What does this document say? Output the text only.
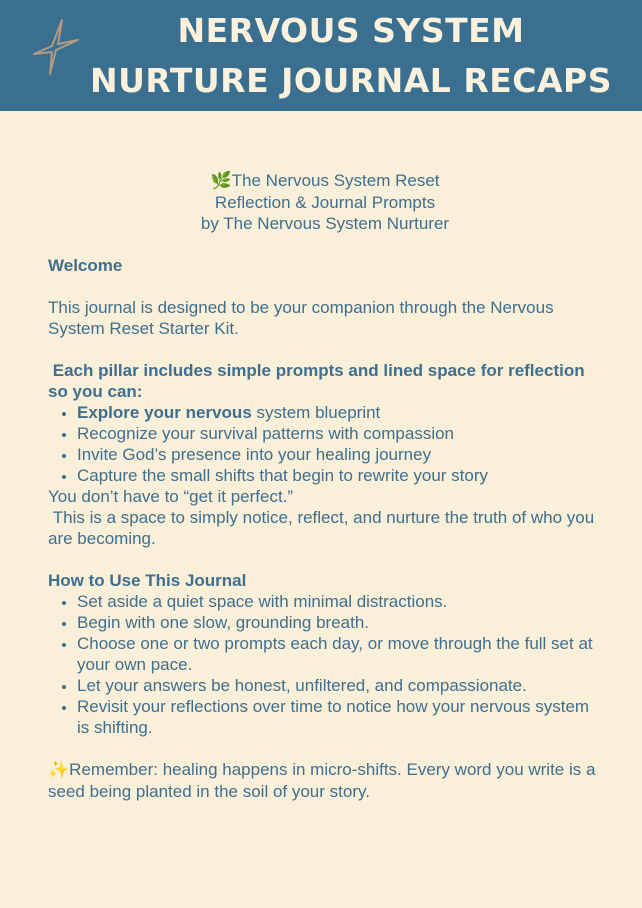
NERVOUS SYSTEM
NURTURE JOURNAL RECAPS
🌿The Nervous System Reset
Reflection & Journal Prompts
by The Nervous System Nurturer

Welcome

This journal is designed to be your companion through the Nervous System Reset Starter Kit.

Each pillar includes simple prompts and lined space for reflection so you can:

• Explore your nervous system blueprint
• Recognize your survival patterns with compassion
• Invite God’s presence into your healing journey
• Capture the small shifts that begin to rewrite your story

You don’t have to “get it perfect.”

This is a space to simply notice, reflect, and nurture the truth of who you are becoming.

How to Use This Journal

• Set aside a quiet space with minimal distractions.
• Begin with one slow, grounding breath.
• Choose one or two prompts each day, or move through the full set at your own pace.
• Let your answers be honest, unfiltered, and compassionate.
• Revisit your reflections over time to notice how your nervous system is shifting.

✨Remember: healing happens in micro-shifts. Every word you write is a seed being planted in the soil of your story.
